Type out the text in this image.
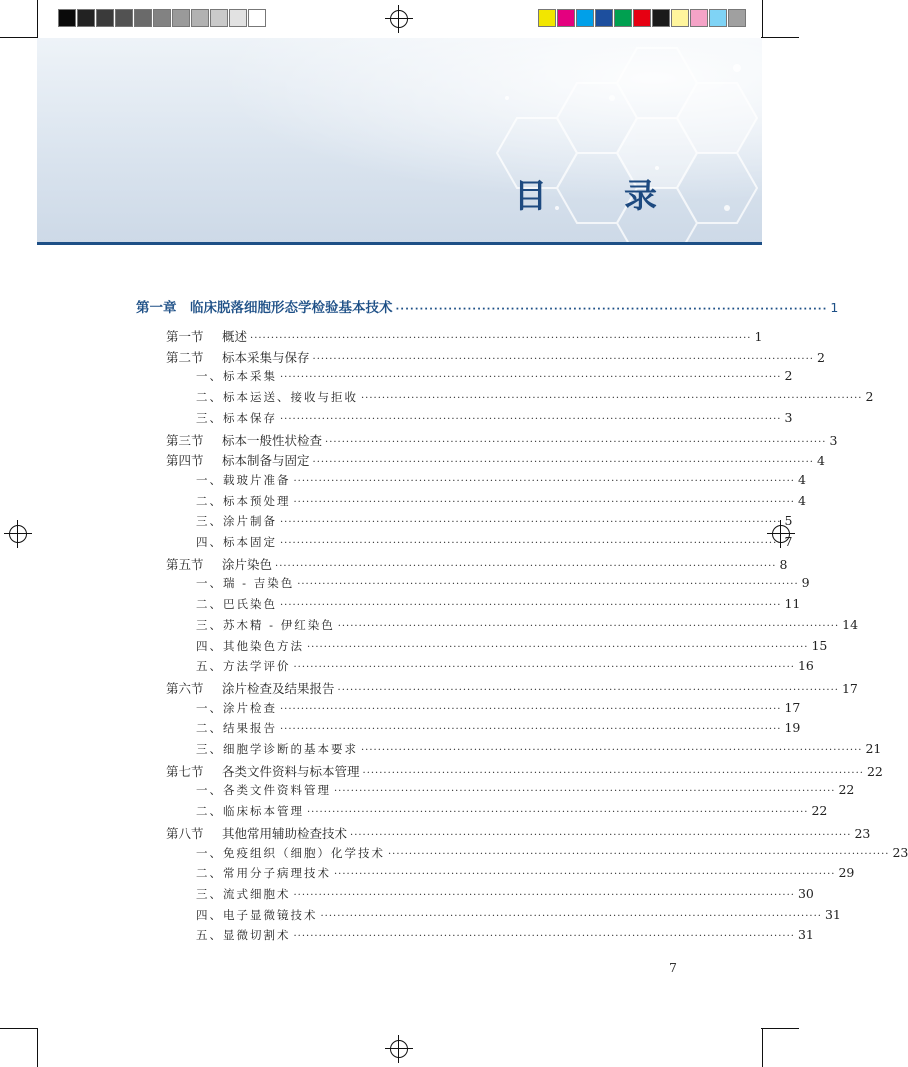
目　录
第一章　临床脱落细胞形态学检验基本技术 ·························································································· 1
第一节 概述 ························································································································ 1
第二节 标本采集与保存 ························································································································ 2
一、标本采集 ························································································································ 2
二、标本运送、接收与拒收 ························································································································ 2
三、标本保存 ························································································································ 3
第三节 标本一般性状检查 ························································································································ 3
第四节 标本制备与固定 ························································································································ 4
一、载玻片准备 ························································································································ 4
二、标本预处理 ························································································································ 4
三、涂片制备 ························································································································ 5
四、标本固定 ························································································································ 7
第五节 涂片染色 ························································································································ 8
一、瑞 - 吉染色 ························································································································ 9
二、巴氏染色 ························································································································ 11
三、苏木精 - 伊红染色 ························································································································ 14
四、其他染色方法 ························································································································ 15
五、方法学评价 ························································································································ 16
第六节 涂片检查及结果报告 ························································································································ 17
一、涂片检查 ························································································································ 17
二、结果报告 ························································································································ 19
三、细胞学诊断的基本要求 ························································································································ 21
第七节 各类文件资料与标本管理 ························································································································ 22
一、各类文件资料管理 ························································································································ 22
二、临床标本管理 ························································································································ 22
第八节 其他常用辅助检查技术 ························································································································ 23
一、免疫组织（细胞）化学技术 ························································································································ 23
二、常用分子病理技术 ························································································································ 29
三、流式细胞术 ························································································································ 30
四、电子显微镜技术 ························································································································ 31
五、显微切割术 ························································································································ 31
7
